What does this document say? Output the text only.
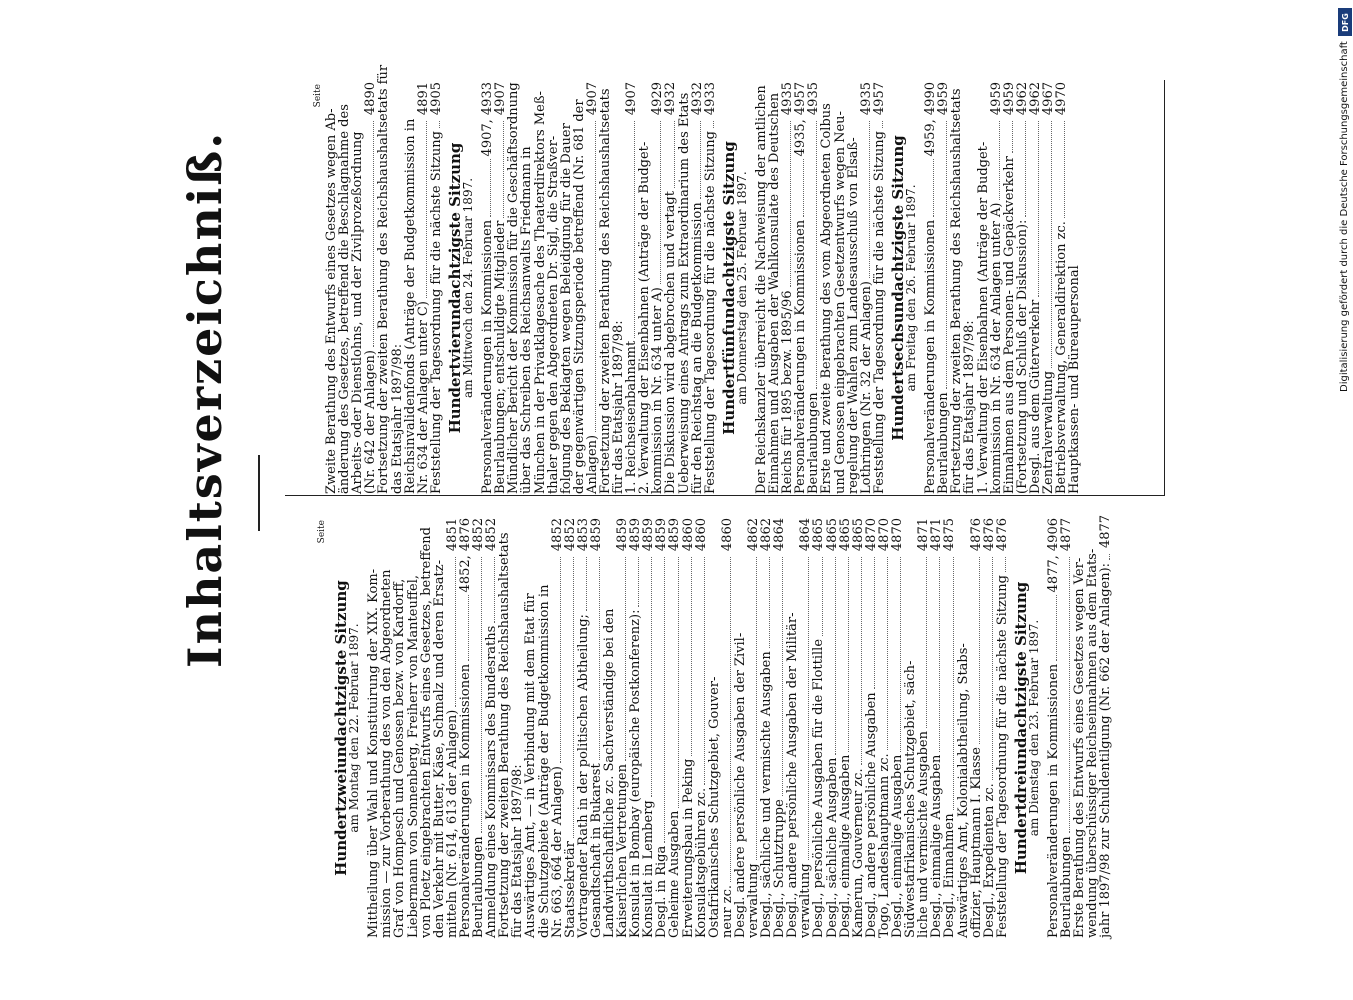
Inhaltsverzeichniß.	Seite
Hundertzweiundachtzigste Sitzung
am Montag den 22. Februar 1897. Mittheilung über Wahl und Konstituirung der XIX. Kom-
mission — zur Vorberathung des von den Abgeordneten
Graf von Hompesch und Genossen bezw. von Kardorff,
Liebermann von Sonnenberg, Freiherr von Manteuffel,
von Ploetz eingebrachten Entwurfs eines Gesetzes, betreffend
den Verkehr mit Butter, Käse, Schmalz und deren Ersatz-
mitteln (Nr. 614, 613 der Anlagen)
4851
Personalveränderungen in Kommissionen
4852, 4876
Beurlaubungen
4852
Anmeldung eines Kommissars des Bundesraths
4852
Fortsetzung der zweiten Berathung des Reichshaushaltsetats
für das Etatsjahr 1897/98:
Auswärtiges Amt, — in Verbindung mit dem Etat für
die Schutzgebiete (Anträge der Budgetkommission in
Nr. 663, 664 der Anlagen)
4852
Staatssekretär
4852
Vortragender Rath in der politischen Abtheilung;
4853
Gesandtschaft in Bukarest
4859
Landwirthschaftliche zc. Sachverständige bei den
Kaiserlichen Vertretungen
4859
Konsulat in Bombay (europäische Postkonferenz):
4859
Konsulat in Lemberg
4859
Desgl. in Riga
4859
Geheime Ausgaben
4859
Erweiterungsbau in Peking
4860
Konsulatsgebühren zc.
4860
Ostafrikanisches Schutzgebiet, Gouver-
neur zc.
4860
Desgl. andere persönliche Ausgaben der Zivil-
verwaltung
4862
Desgl., sächliche und vermischte Ausgaben
4862
Desgl., Schutztruppe
4864
Desgl., andere persönliche Ausgaben der Militär-
verwaltung
4864
Desgl., persönliche Ausgaben für die Flottille
4865
Desgl., sächliche Ausgaben
4865
Desgl., einmalige Ausgaben
4865
Kamerun, Gouverneur zc.
4865
Desgl., andere persönliche Ausgaben
4870
Togo, Landeshauptmann zc.
4870
Desgl., einmalige Ausgaben
4870
Südwestafrikanisches Schutzgebiet, säch-
liche und vermischte Ausgaben
4871
Desgl., einmalige Ausgaben
4871
Desgl., Einnahmen
4875
Auswärtiges Amt, Kolonialabtheilung, Stabs-
offizier, Hauptmann I. Klasse
4876
Desgl., Expedienten zc.
4876
Feststellung der Tagesordnung für die nächste Sitzung
4876
Hundertdreiundachtzigste Sitzung
am Dienstag den 23. Februar 1897. Personalveränderungen in Kommissionen
4877, 4906
Beurlaubungen
4877
Erste Berathung des Entwurfs eines Gesetzes wegen Ver-
wendung überschüssiger Reichseinnahmen aus dem Etats-
jahr 1897/98 zur Schuldentilgung (Nr. 662 der Anlagen):
4877
Seite
Zweite Berathung des Entwurfs eines Gesetzes wegen Ab-
änderung des Gesetzes, betreffend die Beschlagnahme des
Arbeits- oder Dienstlohns, und der Zivilprozeßordnung
(Nr. 642 der Anlagen)
4890
Fortsetzung der zweiten Berathung des Reichshaushaltsetats für
das Etatsjahr 1897/98:
Reichsinvalidenfonds (Anträge der Budgetkommission in
Nr. 634 der Anlagen unter C)
4891
Feststellung der Tagesordnung für die nächste Sitzung
4905
Hundertvierundachtzigste Sitzung
am Mittwoch den 24. Februar 1897. Personalveränderungen in Kommissionen
4907, 4933
Beurlaubungen; entschuldigte Mitglieder
4907
Mündlicher Bericht der Kommission für die Geschäftsordnung
über das Schreiben des Reichsanwalts Friedmann in
München in der Privatklagesache des Theaterdirektors Meß-
thaler gegen den Abgeordneten Dr. Sigl, die Straßver-
folgung des Beklagten wegen Beleidigung für die Dauer
der gegenwärtigen Sitzungsperiode betreffend (Nr. 681 der
Anlagen)
4907
Fortsetzung der zweiten Berathung des Reichshaushaltsetats
für das Etatsjahr 1897/98:
1. Reichseisenbahnamt
4907
2. Verwaltung der Eisenbahnen (Anträge der Budget-
kommission in Nr. 634 unter A)
4929
Die Diskussion wird abgebrochen und vertagt
4932
Ueberweisung eines Antrags zum Extraordinarium des Etats
für den Reichstag an die Budgetkommission
4932
Feststellung der Tagesordnung für die nächste Sitzung
4933
Hundertfünfundachtzigste Sitzung
am Donnerstag den 25. Februar 1897. Der Reichskanzler überreicht die Nachweisung der amtlichen
Einnahmen und Ausgaben der Wahlkonsulate des Deutschen
Reichs für 1895 bezw. 1895/96
4935
Personalveränderungen in Kommissionen
4935, 4957
Beurlaubungen
4935
Erste und zweite Berathung des vom Abgeordneten Colbus
und Genossen eingebrachten Gesetzentwurfs wegen Neu-
regelung der Wahlen zum Landesausschuß von Elsaß-
Lothringen (Nr. 32 der Anlagen)
4935
Feststellung der Tagesordnung für die nächste Sitzung
4957
Hundertsechsundachtzigste Sitzung
am Freitag den 26. Februar 1897. Personalveränderungen in Kommissionen
4959, 4990
Beurlaubungen
4959
Fortsetzung der zweiten Berathung des Reichshaushaltsetats
für das Etatsjahr 1897/98:
1. Verwaltung der Eisenbahnen (Anträge der Budget-
kommission in Nr. 634 der Anlagen unter A)
4959
Einnahmen aus dem Personen- und Gepäckverkehr
4959
(Fortsetzung und Schluß der Diskussion):
4962
Desgl. aus dem Güterverkehr
4962
Zentralverwaltung
4967
Betriebsverwaltung, Generaldirektion zc.
4970
Hauptkassen- und Büreaupersonal	Digitalisierung gefördert durch die Deutsche Forschungsgemeinschaft
DFG
